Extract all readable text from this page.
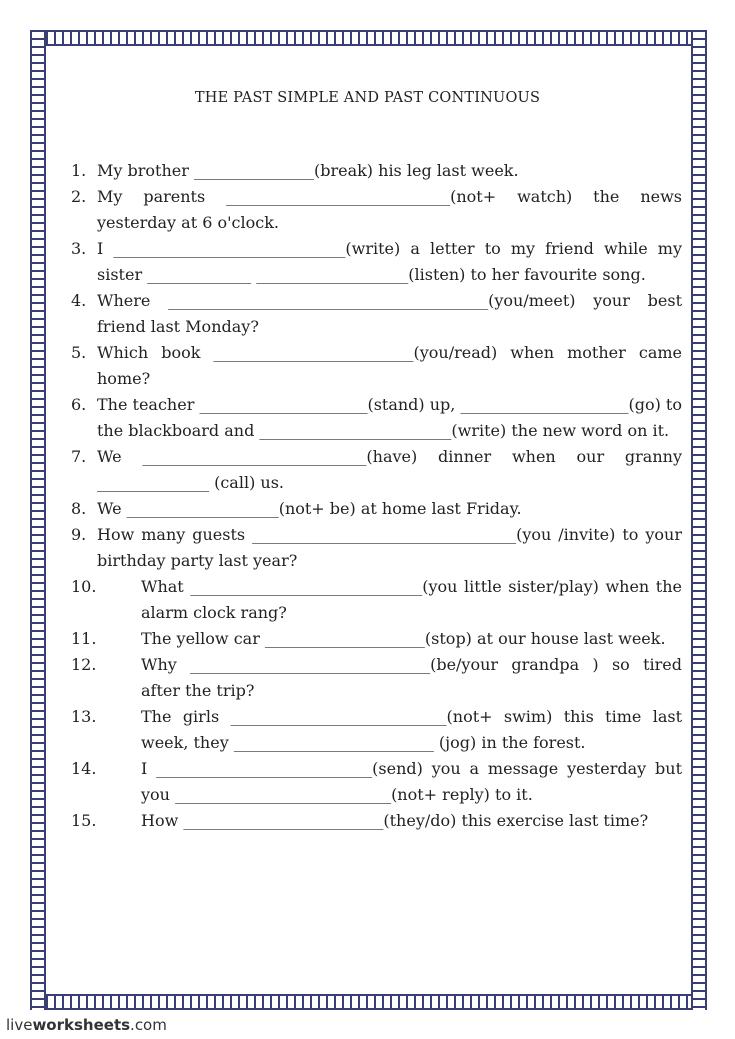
THE PAST SIMPLE AND PAST CONTINUOUS
1. My brother _______________(break) his leg last week.
2. My parents ____________________________(not+ watch) the news yesterday at 6 o'clock.
3. I _____________________________(write) a letter to my friend while my sister _____________ ___________________(listen) to her favourite song.
4. Where ________________________________________(you/meet) your best friend last Monday?
5. Which book _________________________(you/read) when mother came home?
6. The teacher _____________________(stand) up, _____________________(go) to the blackboard and ________________________(write) the new word on it.
7. We ____________________________(have) dinner when our granny ______________ (call) us.
8. We ___________________(not+ be) at home last Friday.
9. How many guests _________________________________(you /invite) to your birthday party last year?
10.	What _____________________________(you little sister/play) when the alarm clock rang?
11.	The yellow car ____________________(stop) at our house last week.
12.	Why ______________________________(be/your grandpa ) so tired after the trip?
13.	The girls ___________________________(not+ swim) this time last week, they _________________________ (jog) in the forest.
14.	I ___________________________(send) you a message yesterday but you ___________________________(not+ reply) to it.
15.	How _________________________(they/do) this exercise last time?
liveworksheets.com
